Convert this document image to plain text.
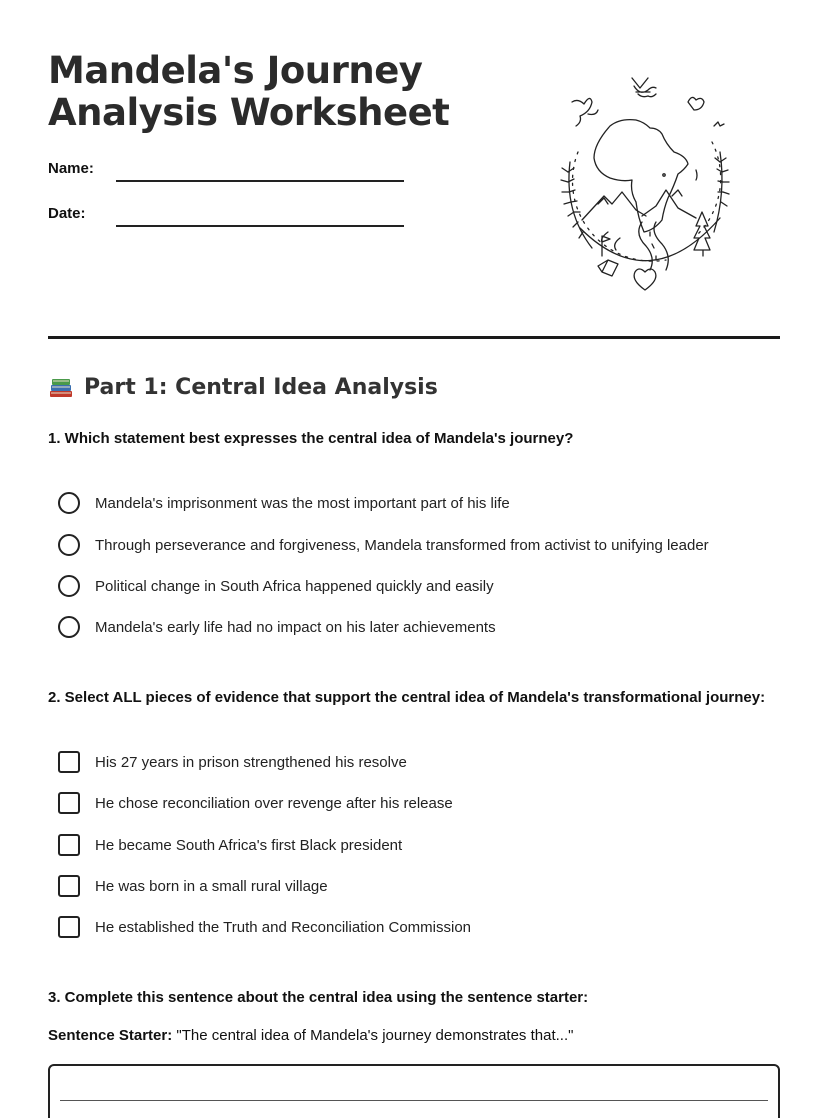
Mandela's Journey
Analysis Worksheet
Name:
Date:
Part 1: Central Idea Analysis
1. Which statement best expresses the central idea of Mandela's journey?
Mandela's imprisonment was the most important part of his life
Through perseverance and forgiveness, Mandela transformed from activist to unifying leader
Political change in South Africa happened quickly and easily
Mandela's early life had no impact on his later achievements
2. Select ALL pieces of evidence that support the central idea of Mandela's transformational journey:
His 27 years in prison strengthened his resolve
He chose reconciliation over revenge after his release
He became South Africa's first Black president
He was born in a small rural village
He established the Truth and Reconciliation Commission
3. Complete this sentence about the central idea using the sentence starter:
Sentence Starter: "The central idea of Mandela's journey demonstrates that..."
